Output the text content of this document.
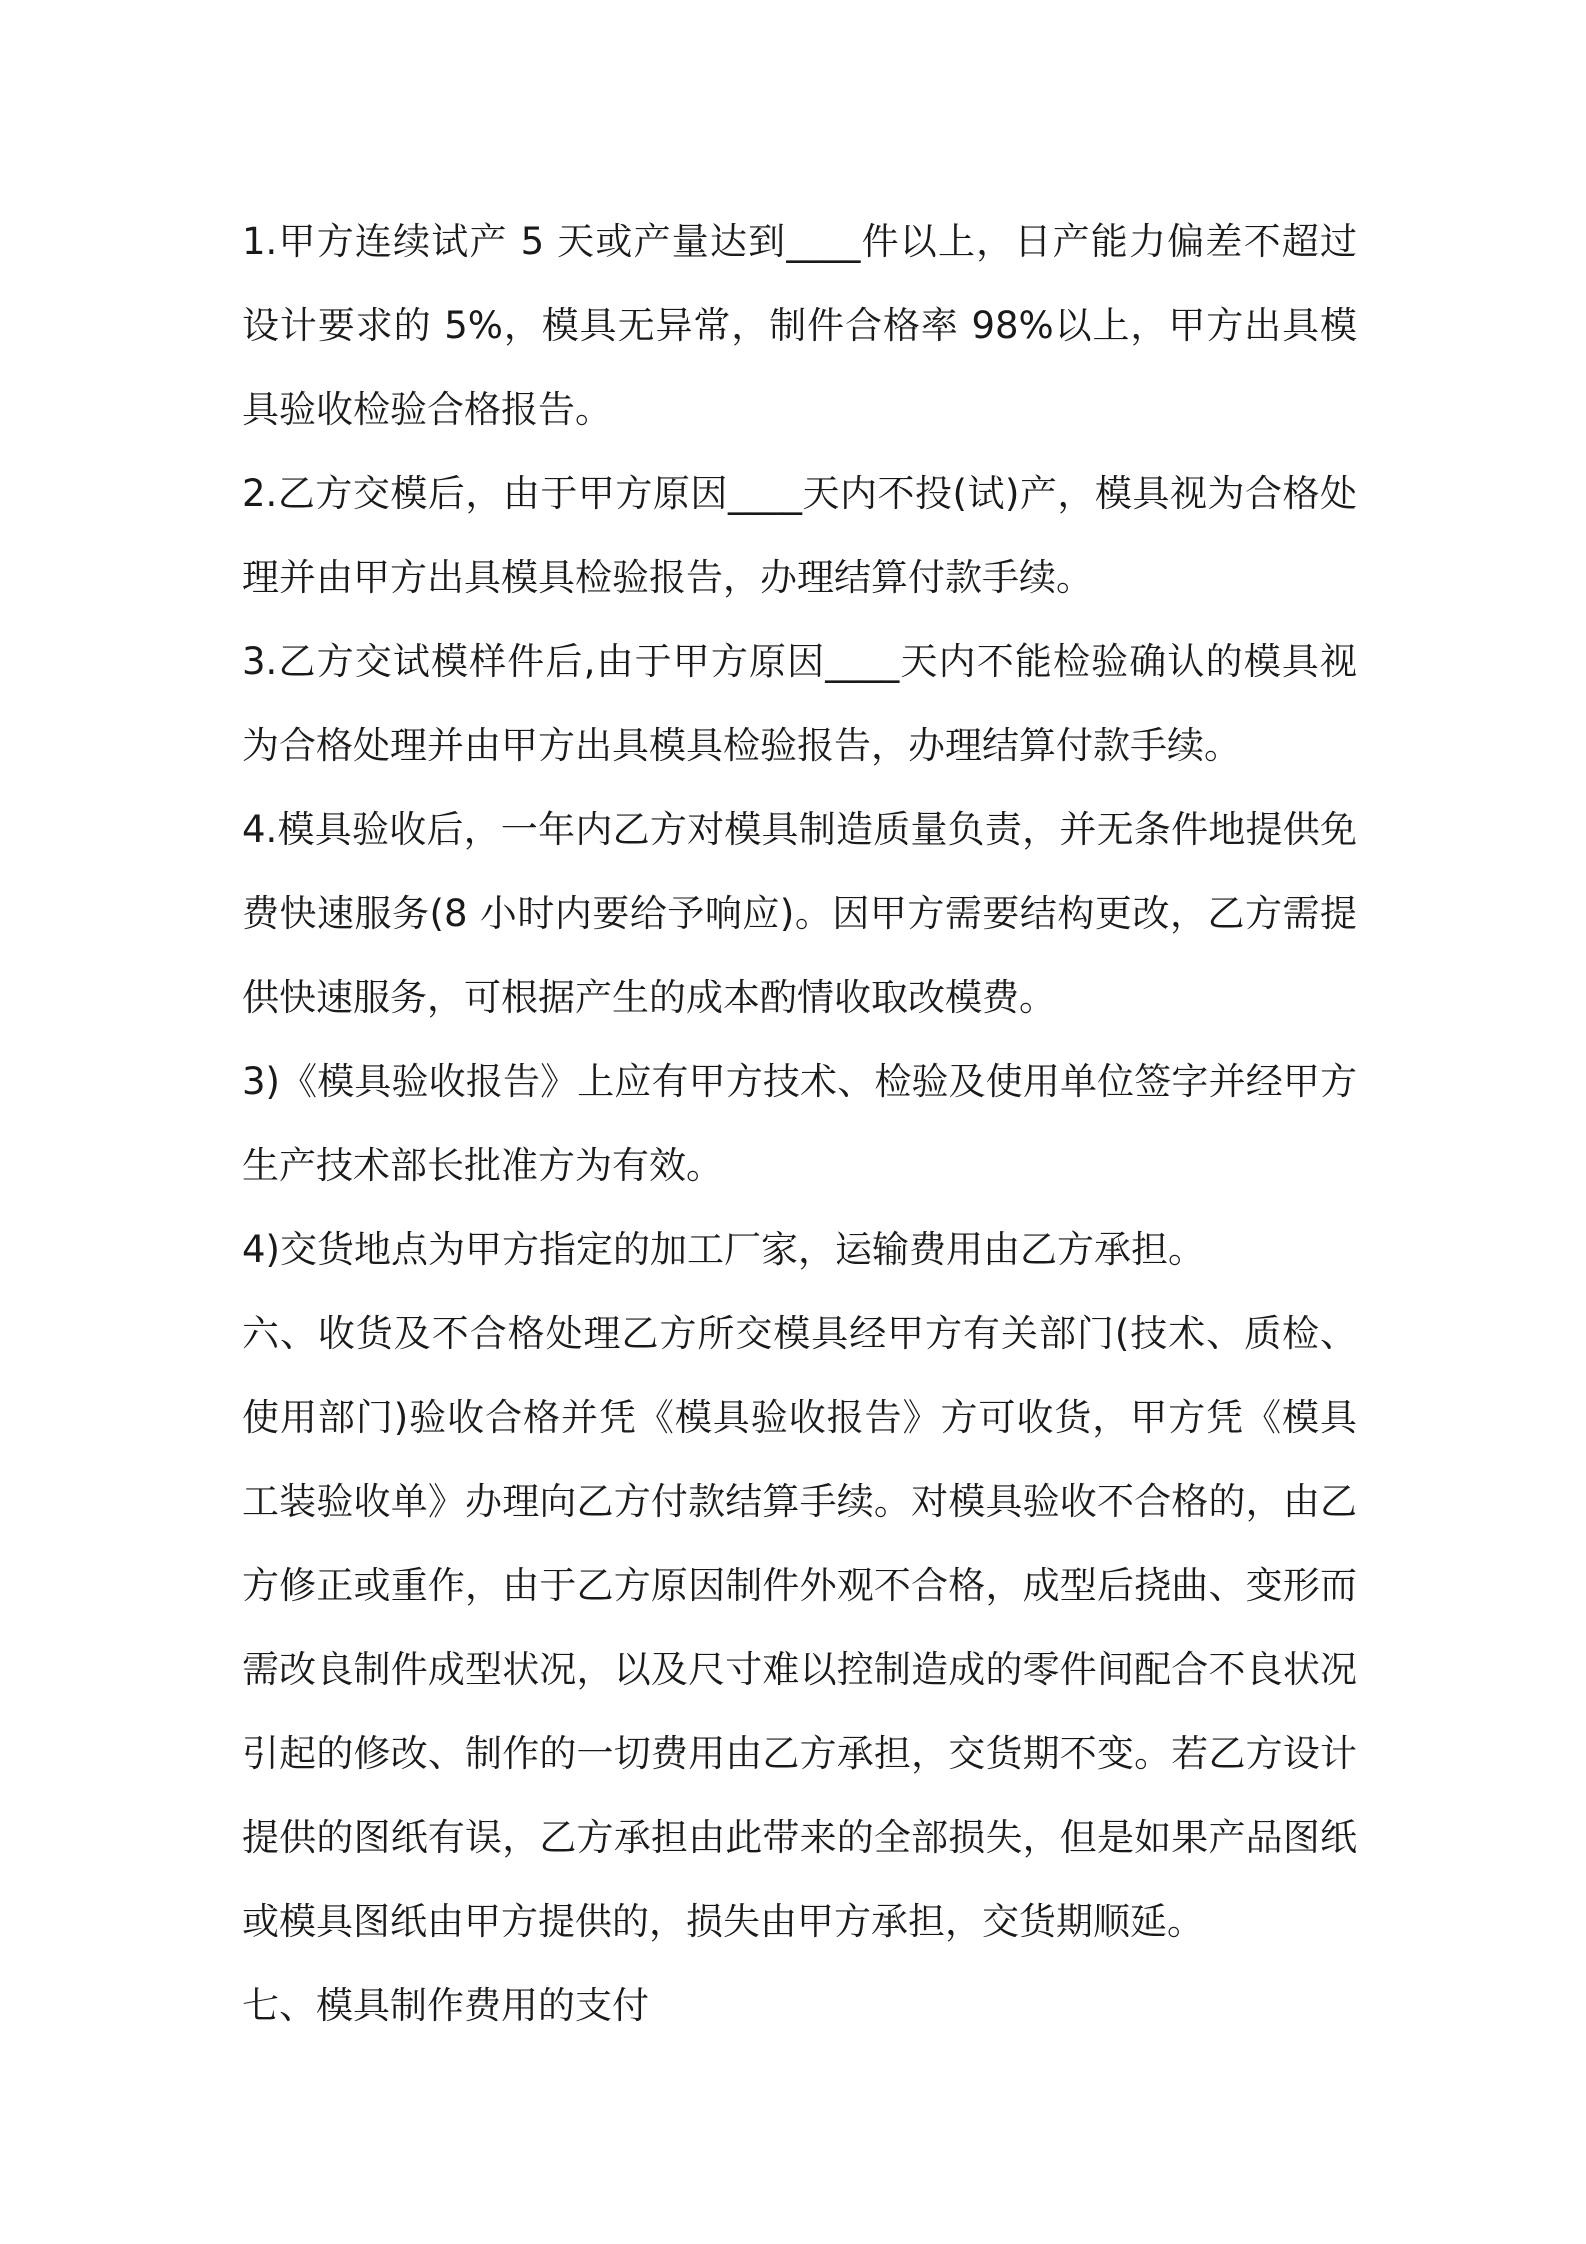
1.甲方连续试产 5 天或产量达到____件以上，日产能力偏差不超过设计要求的 5%，模具无异常，制件合格率 98%以上，甲方出具模具验收检验合格报告。

2.乙方交模后，由于甲方原因____天内不投(试)产，模具视为合格处理并由甲方出具模具检验报告，办理结算付款手续。

3.乙方交试模样件后,由于甲方原因____天内不能检验确认的模具视为合格处理并由甲方出具模具检验报告，办理结算付款手续。

4.模具验收后，一年内乙方对模具制造质量负责，并无条件地提供免费快速服务(8 小时内要给予响应)。因甲方需要结构更改，乙方需提供快速服务，可根据产生的成本酌情收取改模费。

3)《模具验收报告》上应有甲方技术、检验及使用单位签字并经甲方生产技术部长批准方为有效。

4)交货地点为甲方指定的加工厂家，运输费用由乙方承担。

六、收货及不合格处理乙方所交模具经甲方有关部门(技术、质检、使用部门)验收合格并凭《模具验收报告》方可收货，甲方凭《模具工装验收单》办理向乙方付款结算手续。对模具验收不合格的，由乙方修正或重作，由于乙方原因制件外观不合格，成型后挠曲、变形而需改良制件成型状况，以及尺寸难以控制造成的零件间配合不良状况引起的修改、制作的一切费用由乙方承担，交货期不变。若乙方设计提供的图纸有误，乙方承担由此带来的全部损失，但是如果产品图纸或模具图纸由甲方提供的，损失由甲方承担，交货期顺延。

七、模具制作费用的支付
